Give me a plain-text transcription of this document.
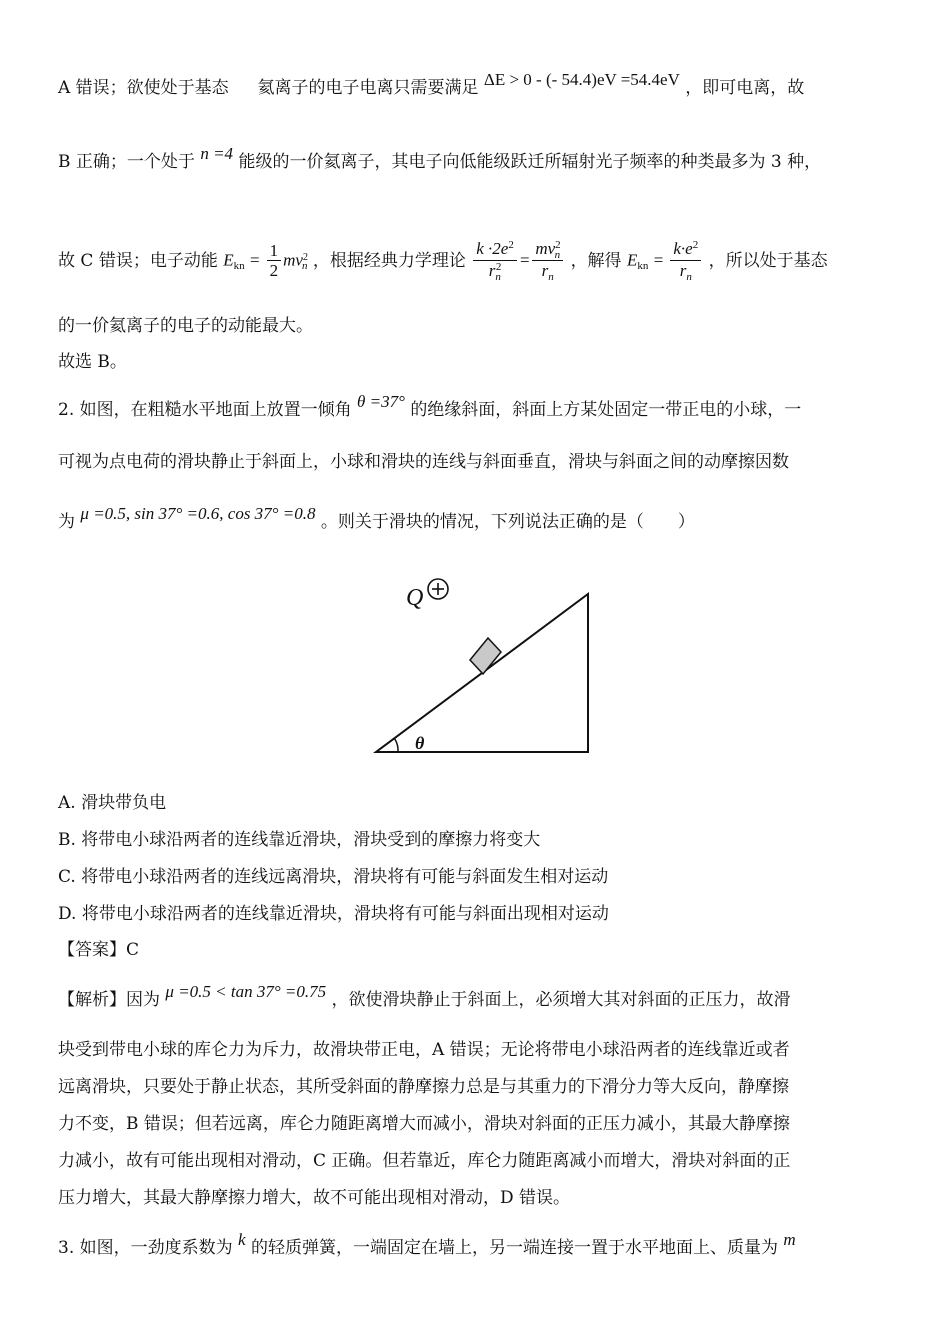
A 错误；欲使处于基态 氦离子的电子电离只需要满足 ΔE > 0 - (- 54.4)eV =54.4eV ，即可电离，故
B 正确；一个处于 n =4 能级的一价氦离子，其电子向低能级跃迁所辐射光子频率的种类最多为 3 种，
故 C 错误；电子动能 $E_{kn} = \frac{1}{2} mv^2_n$ ，根据经典力学理论 $\frac{k \cdot 2e^2}{r_n^2} = \frac{mv^2_n}{r_n}$ ，解得 $E_{kn} = \frac{k\cdot e^2}{r_n}$ ，所以处于基态
的一价氦离子的电子的动能最大。
故选 B。
2. 如图，在粗糙水平地面上放置一倾角 θ =37° 的绝缘斜面，斜面上方某处固定一带正电的小球，一
可视为点电荷的滑块静止于斜面上，小球和滑块的连线与斜面垂直，滑块与斜面之间的动摩擦因数
为 μ =0.5, sin 37° =0.6, cos 37° =0.8 。则关于滑块的情况，下列说法正确的是（　　）
Q
θ
A. 滑块带负电
B. 将带电小球沿两者的连线靠近滑块，滑块受到的摩擦力将变大
C. 将带电小球沿两者的连线远离滑块，滑块将有可能与斜面发生相对运动
D. 将带电小球沿两者的连线靠近滑块，滑块将有可能与斜面出现相对运动
【答案】C
【解析】因为 μ =0.5 < tan 37° =0.75 ，欲使滑块静止于斜面上，必须增大其对斜面的正压力，故滑
块受到带电小球的库仑力为斥力，故滑块带正电，A 错误；无论将带电小球沿两者的连线靠近或者
远离滑块，只要处于静止状态，其所受斜面的静摩擦力总是与其重力的下滑分力等大反向，静摩擦
力不变，B 错误；但若远离，库仑力随距离增大而减小，滑块对斜面的正压力减小，其最大静摩擦
力减小，故有可能出现相对滑动，C 正确。但若靠近，库仑力随距离减小而增大，滑块对斜面的正
压力增大，其最大静摩擦力增大，故不可能出现相对滑动，D 错误。
3. 如图，一劲度系数为 k 的轻质弹簧，一端固定在墙上，另一端连接一置于水平地面上、质量为 m
